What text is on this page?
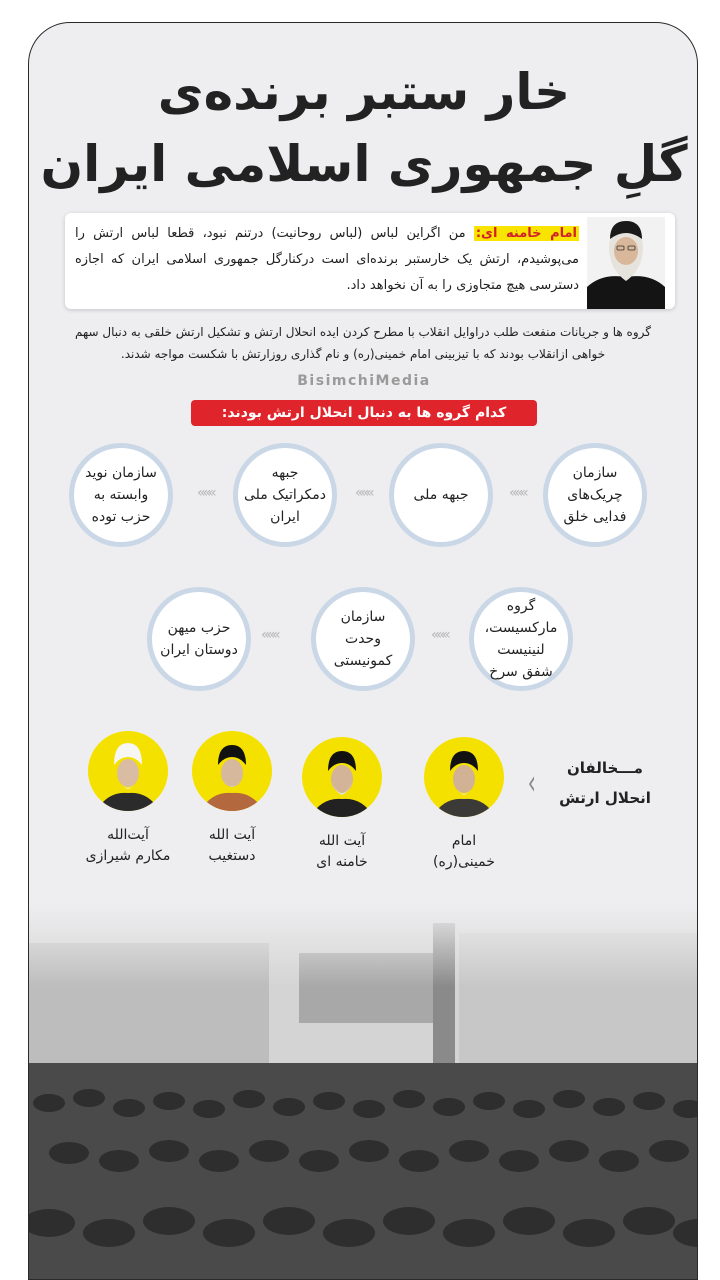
خار ستبر برنده‌ی
گلِ جمهوری اسلامی ایران
امام خامنه ای: من اگراین لباس (لباس روحانیت) درتنم نبود، قطعا لباس ارتش را می‌پوشیدم، ارتش یک خارستبر برنده‌ای است درکنارگل جمهوری اسلامی ایران که اجازه دسترسی هیچ متجاوزی را به آن نخواهد داد.
گروه ها و جریانات منفعت طلب دراوایل انقلاب با مطرح کردن ایده انحلال ارتش و تشکیل ارتش خلقی به دنبال سهم خواهی ازانقلاب بودند که با تیزبینی امام خمینی(ره) و نام گذاری روزارتش با شکست مواجه شدند.
BisimchiMedia
کدام گروه ها به دنبال انحلال ارتش بودند:
سازمان چریک‌های فدایی خلق
«««
جبهه ملی
«««
جبهه دمکراتیک ملی ایران
«««
سازمان نوید وابسته به حزب توده
گروه مارکسیست، لنینیست شفق سرخ
«««
سازمان وحدت کمونیستی
«««
حزب میهن دوستان ایران
مـــخالفان
انحلال ارتش
‹
امام
خمینی(ره)
آیت الله
خامنه ای
آیت الله
دستغیب
آیت‌الله
مکارم شیرازی
